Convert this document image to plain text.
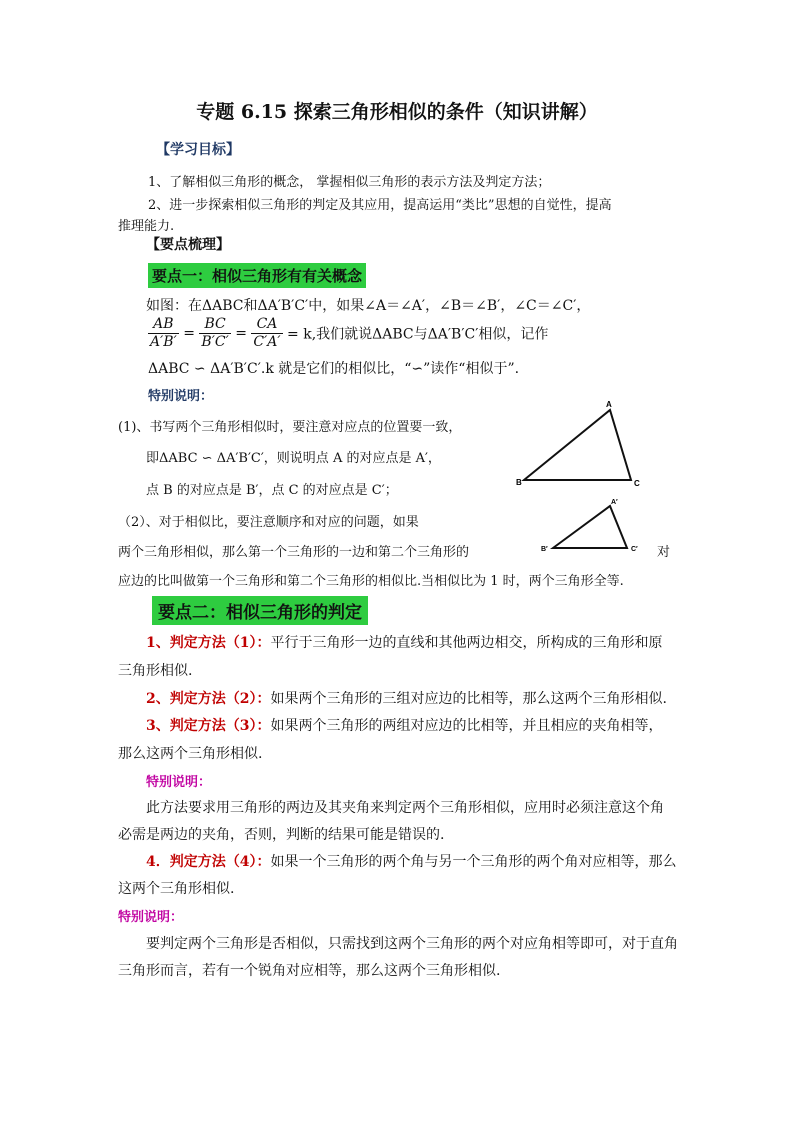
专题 6.15 探索三角形相似的条件（知识讲解）
【学习目标】
1、了解相似三角形的概念， 掌握相似三角形的表示方法及判定方法；
2、进一步探索相似三角形的判定及其应用，提高运用“类比”思想的自觉性，提高
推理能力.
【要点梳理】
要点一：相似三角形有有关概念
如图：在ΔABC和ΔA′B′C′中，如果∠A＝∠A′，∠B＝∠B′，∠C＝∠C′，
$\frac{AB}{A'B'} = \frac{BC}{B'C'} = \frac{CA}{C'A'} = k$,我们就说ΔABC与ΔA′B′C′相似，记作
ΔABC ∽ ΔA′B′C′.k 就是它们的相似比，“∽”读作“相似于”.
特别说明：
(1)、书写两个三角形相似时，要注意对应点的位置要一致，
即ΔABC ∽ ΔA′B′C′，则说明点 A 的对应点是 A′，
点 B 的对应点是 B′，点 C 的对应点是 C′；
（2）、对于相似比，要注意顺序和对应的问题，如果
两个三角形相似，那么第一个三角形的一边和第二个三角形的	对
应边的比叫做第一个三角形和第二个三角形的相似比.当相似比为 1 时，两个三角形全等.
A
B	C
A′
B′	C′
要点二：相似三角形的判定
1、判定方法（1）：平行于三角形一边的直线和其他两边相交，所构成的三角形和原
三角形相似.
2、判定方法（2）：如果两个三角形的三组对应边的比相等，那么这两个三角形相似.
3、判定方法（3）：如果两个三角形的两组对应边的比相等，并且相应的夹角相等，
那么这两个三角形相似.
特别说明：
此方法要求用三角形的两边及其夹角来判定两个三角形相似，应用时必须注意这个角
必需是两边的夹角，否则，判断的结果可能是错误的.
4．判定方法（4）：如果一个三角形的两个角与另一个三角形的两个角对应相等，那么
这两个三角形相似.
特别说明：
要判定两个三角形是否相似，只需找到这两个三角形的两个对应角相等即可，对于直角
三角形而言，若有一个锐角对应相等，那么这两个三角形相似.
